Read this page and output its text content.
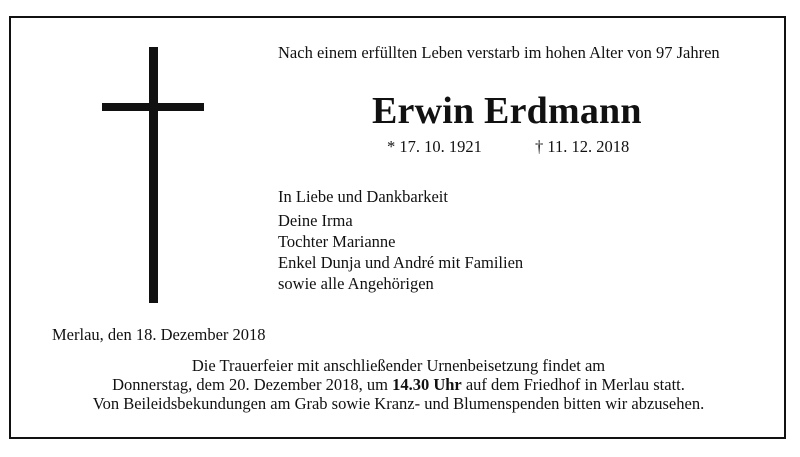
Nach einem erfüllten Leben verstarb im hohen Alter von 97 Jahren
Erwin Erdmann
* 17. 10. 1921	† 11. 12. 2018
In Liebe und Dankbarkeit
Deine Irma
Tochter Marianne
Enkel Dunja und André mit Familien
sowie alle Angehörigen
Merlau, den 18. Dezember 2018
Die Trauerfeier mit anschließender Urnenbeisetzung findet am
Donnerstag, dem 20. Dezember 2018, um 14.30 Uhr auf dem Friedhof in Merlau statt.
Von Beileidsbekundungen am Grab sowie Kranz- und Blumenspenden bitten wir abzusehen.
